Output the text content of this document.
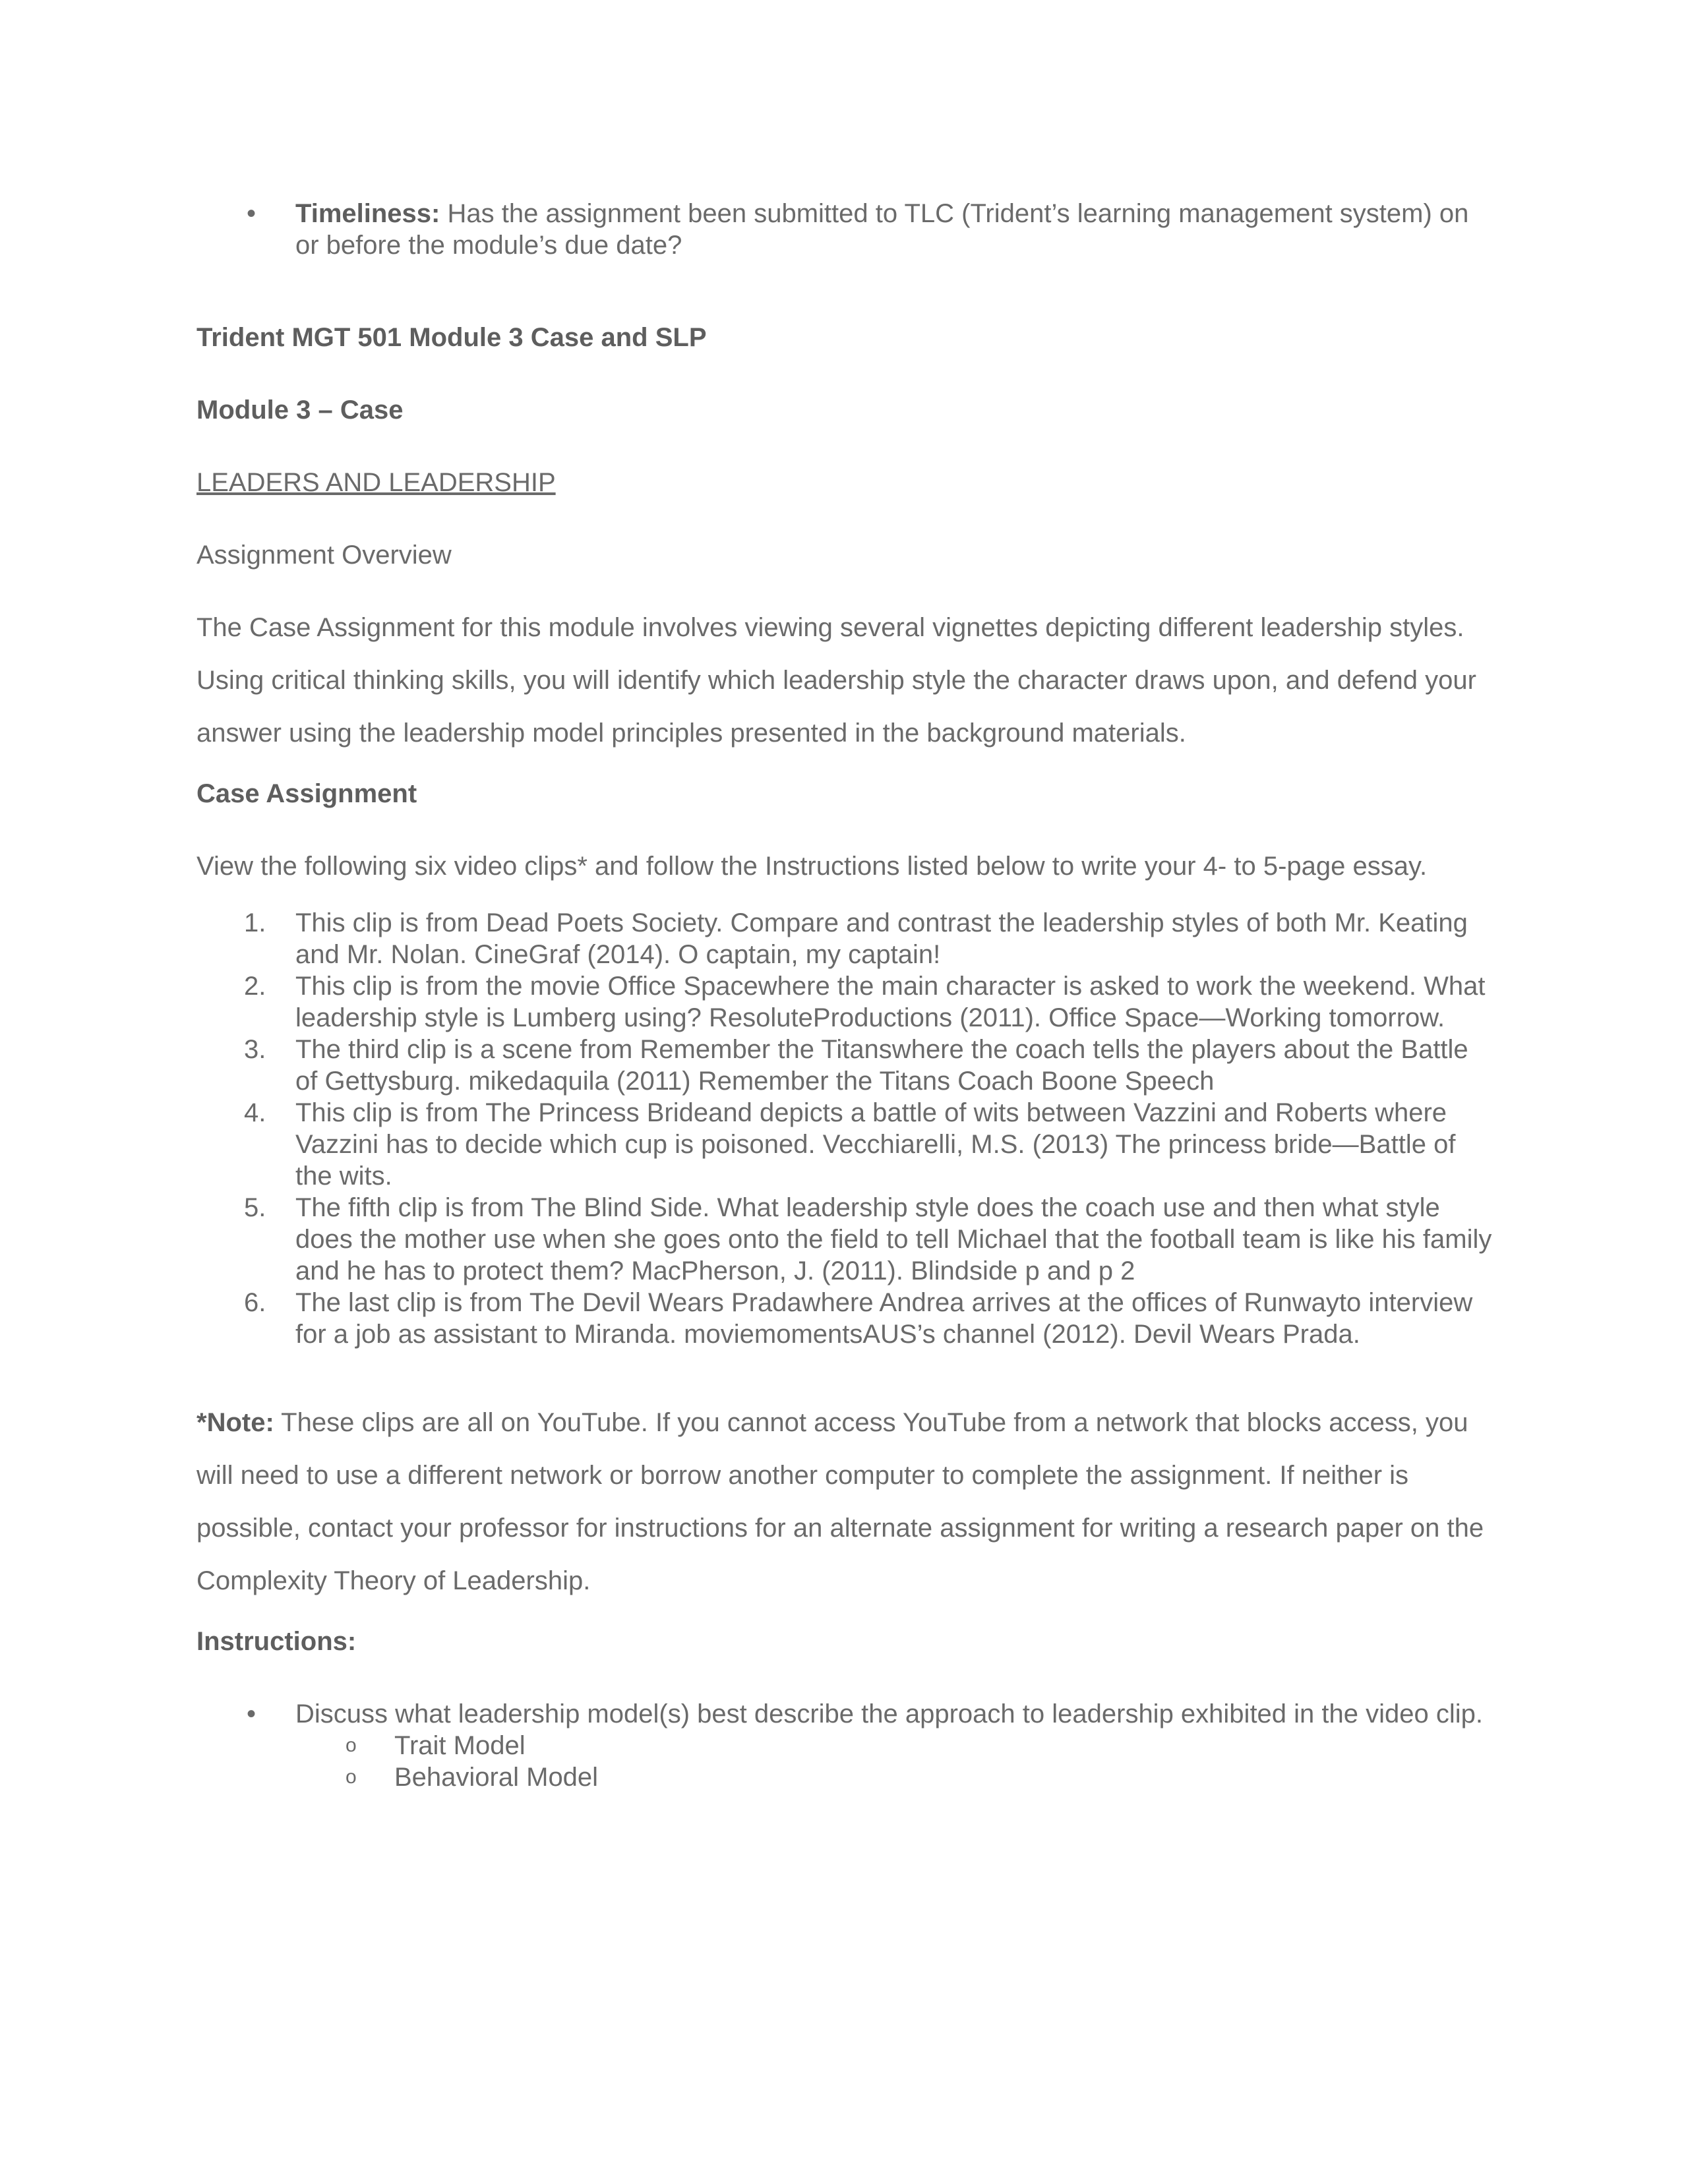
• Timeliness: Has the assignment been submitted to TLC (Trident’s learning management system) on or before the module’s due date?

Trident MGT 501 Module 3 Case and SLP

Module 3 – Case

LEADERS AND LEADERSHIP

Assignment Overview

The Case Assignment for this module involves viewing several vignettes depicting different leadership styles. Using critical thinking skills, you will identify which leadership style the character draws upon, and defend your answer using the leadership model principles presented in the background materials.

Case Assignment

View the following six video clips* and follow the Instructions listed below to write your 4- to 5-page essay.

1. This clip is from Dead Poets Society. Compare and contrast the leadership styles of both Mr. Keating and Mr. Nolan. CineGraf (2014). O captain, my captain!
2. This clip is from the movie Office Spacewhere the main character is asked to work the weekend. What leadership style is Lumberg using? ResoluteProductions (2011). Office Space—Working tomorrow.
3. The third clip is a scene from Remember the Titanswhere the coach tells the players about the Battle of Gettysburg. mikedaquila (2011) Remember the Titans Coach Boone Speech
4. This clip is from The Princess Brideand depicts a battle of wits between Vazzini and Roberts where Vazzini has to decide which cup is poisoned. Vecchiarelli, M.S. (2013) The princess bride—Battle of the wits.
5. The fifth clip is from The Blind Side. What leadership style does the coach use and then what style does the mother use when she goes onto the field to tell Michael that the football team is like his family and he has to protect them? MacPherson, J. (2011). Blindside p and p 2
6. The last clip is from The Devil Wears Pradawhere Andrea arrives at the offices of Runwayto interview for a job as assistant to Miranda. moviemomentsAUS’s channel (2012). Devil Wears Prada.

*Note: These clips are all on YouTube. If you cannot access YouTube from a network that blocks access, you will need to use a different network or borrow another computer to complete the assignment. If neither is possible, contact your professor for instructions for an alternate assignment for writing a research paper on the Complexity Theory of Leadership.

Instructions:

• Discuss what leadership model(s) best describe the approach to leadership exhibited in the video clip.
o Trait Model
o Behavioral Model
